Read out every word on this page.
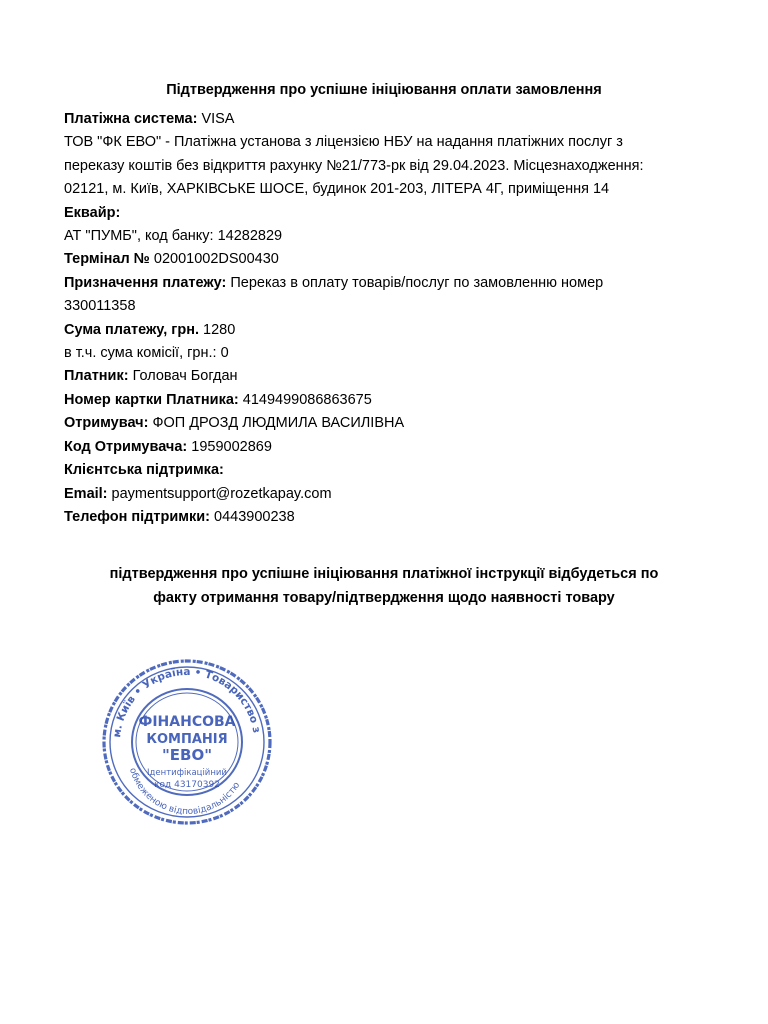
Підтвердження про успішне ініціювання оплати замовлення
Платіжна система: VISA
ТОВ "ФК ЕВО" - Платіжна установа з ліцензією НБУ на надання платіжних послуг з
переказу коштів без відкриття рахунку №21/773-рк від 29.04.2023. Місцезнаходження:
02121, м. Київ, ХАРКІВСЬКЕ ШОСЕ, будинок 201-203, ЛІТЕРА 4Г, приміщення 14
Еквайр:
АТ "ПУМБ", код банку: 14282829
Термінал № 02001002DS00430
Призначення платежу: Переказ в оплату товарів/послуг по замовленню номер
330011358
Сума платежу, грн. 1280
в т.ч. сума комісії, грн.: 0
Платник: Головач Богдан
Номер картки Платника: 4149499086863675
Отримувач: ФОП ДРОЗД ЛЮДМИЛА ВАСИЛІВНА
Код Отримувача: 1959002869
Клієнтська підтримка:
Email: paymentsupport@rozetkapay.com
Телефон підтримки: 0443900238
підтвердження про успішне ініціювання платіжної інструкції відбудеться по
факту отримання товару/підтвердження щодо наявності товару
м. Київ • Україна • Товариство з
обмеженою відповідальністю
ФІНАНСОВА
КОМПАНІЯ
"ЕВО"
Ідентифікаційний
код 43170392
